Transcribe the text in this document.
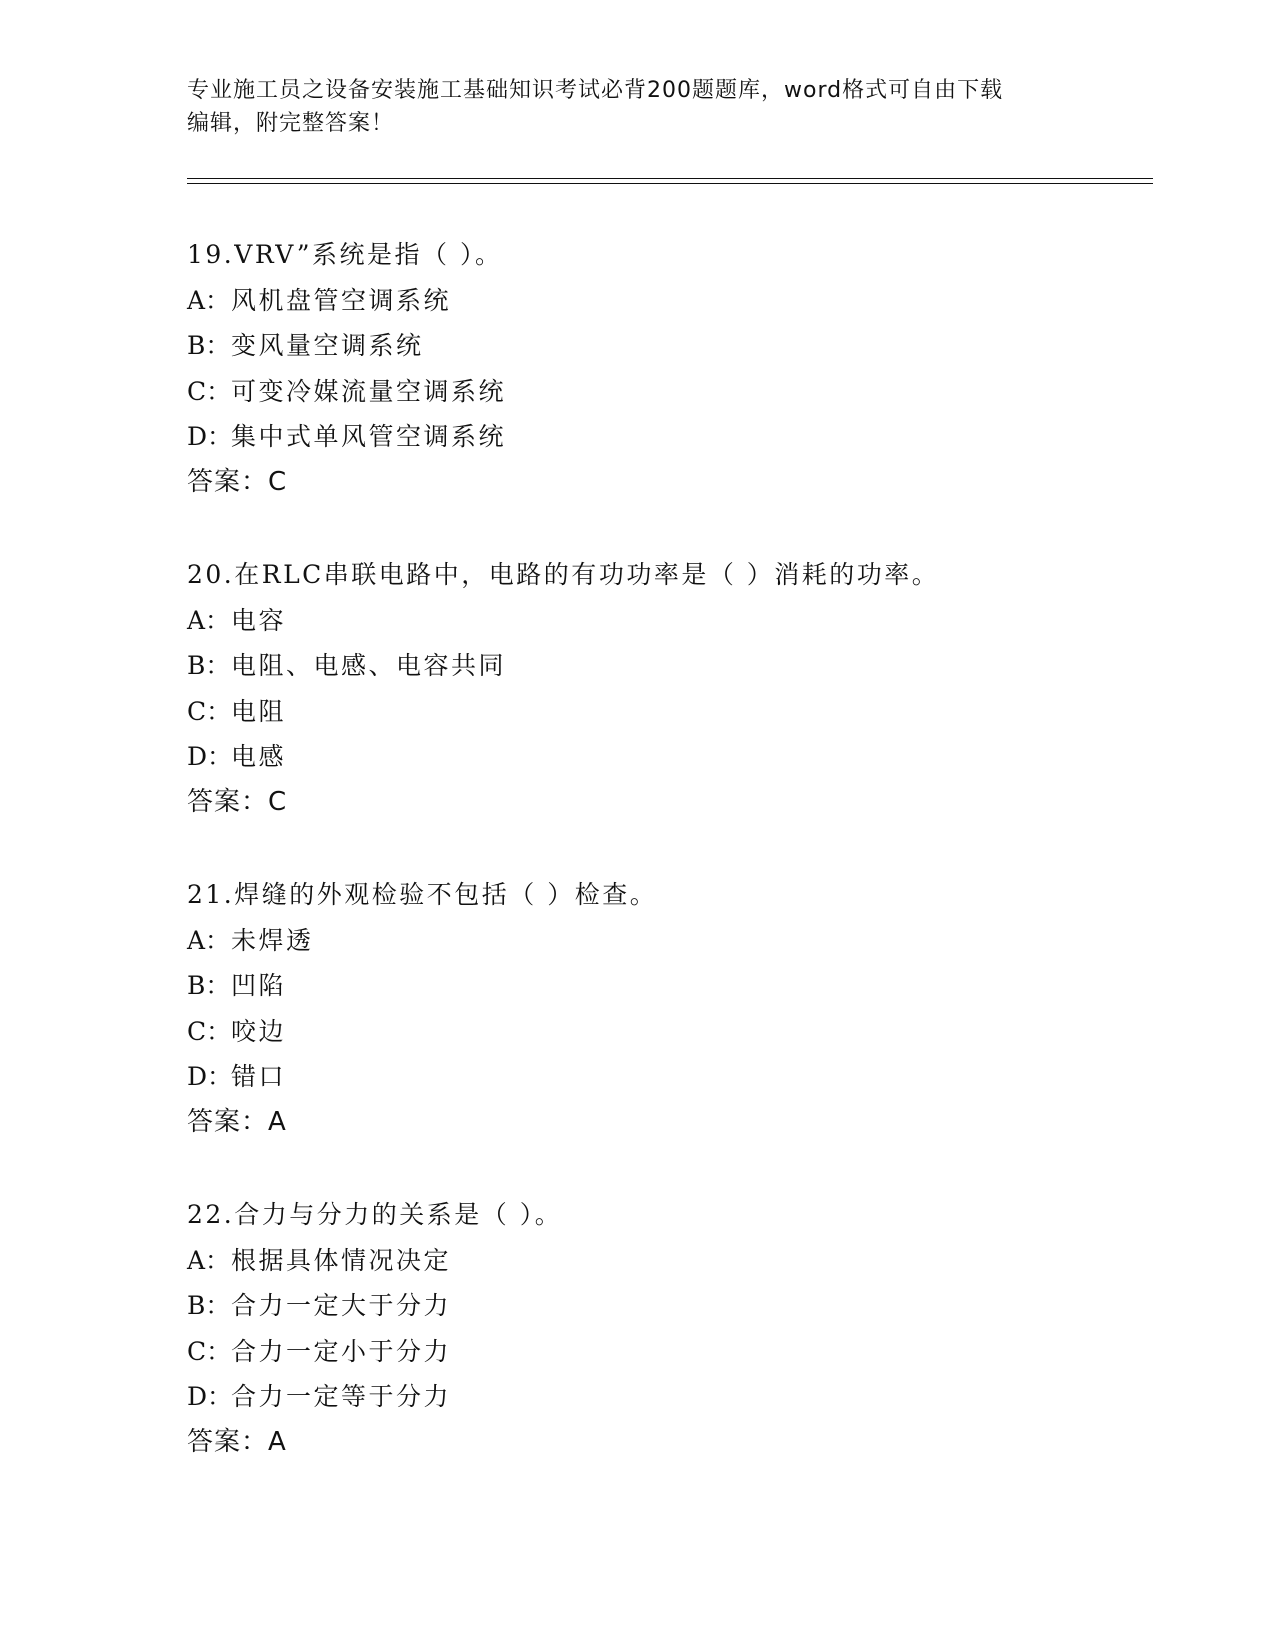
专业施工员之设备安装施工基础知识考试必背200题题库，word格式可自由下载
编辑，附完整答案！
19.VRV”系统是指（ ）。
A：风机盘管空调系统
B：变风量空调系统
C：可变冷媒流量空调系统
D：集中式单风管空调系统
答案：C
20.在RLC串联电路中，电路的有功功率是（ ）消耗的功率。
A：电容
B：电阻、电感、电容共同
C：电阻
D：电感
答案：C
21.焊缝的外观检验不包括（ ）检查。
A：未焊透
B：凹陷
C：咬边
D：错口
答案：A
22.合力与分力的关系是（ ）。
A：根据具体情况决定
B：合力一定大于分力
C：合力一定小于分力
D：合力一定等于分力
答案：A
